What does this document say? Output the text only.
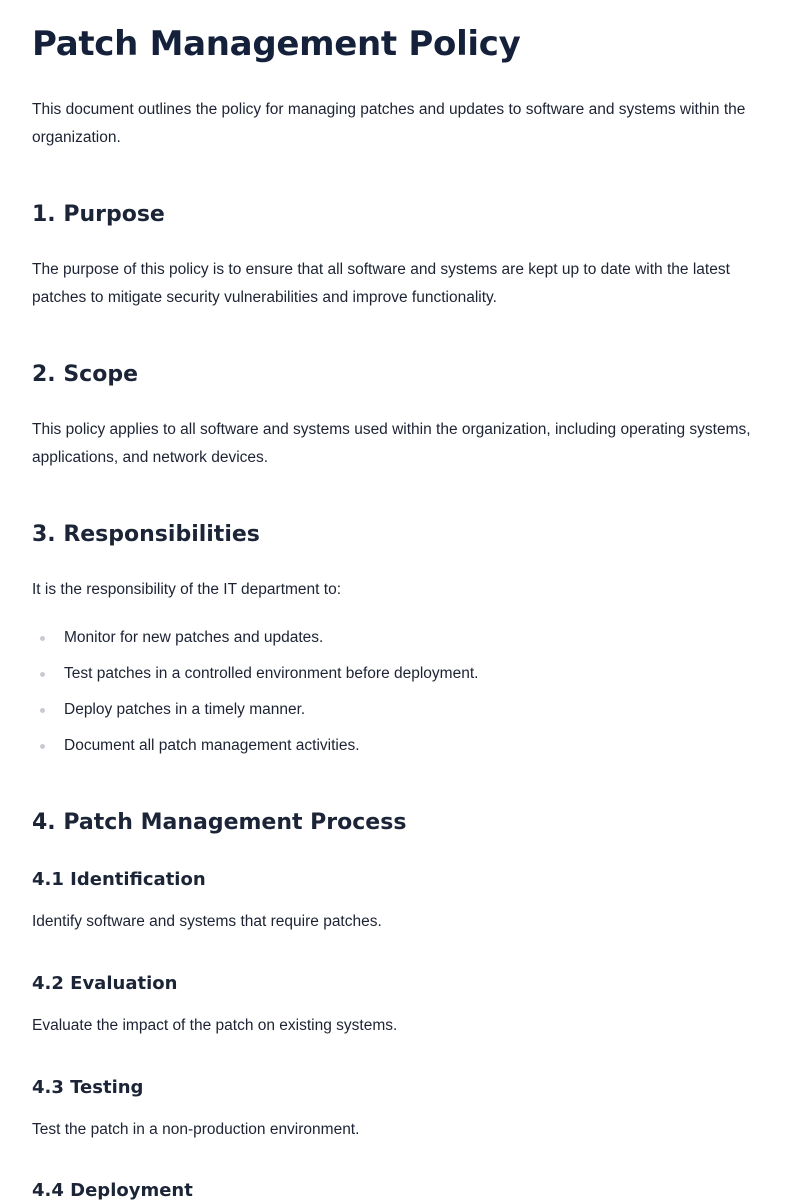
Patch Management Policy

This document outlines the policy for managing patches and updates to software and systems within the organization.

1. Purpose

The purpose of this policy is to ensure that all software and systems are kept up to date with the latest patches to mitigate security vulnerabilities and improve functionality.

2. Scope

This policy applies to all software and systems used within the organization, including operating systems, applications, and network devices.

3. Responsibilities

It is the responsibility of the IT department to:

Monitor for new patches and updates.
Test patches in a controlled environment before deployment.
Deploy patches in a timely manner.
Document all patch management activities.
4. Patch Management Process
4.1 Identification

Identify software and systems that require patches.

4.2 Evaluation

Evaluate the impact of the patch on existing systems.

4.3 Testing

Test the patch in a non-production environment.

4.4 Deployment
